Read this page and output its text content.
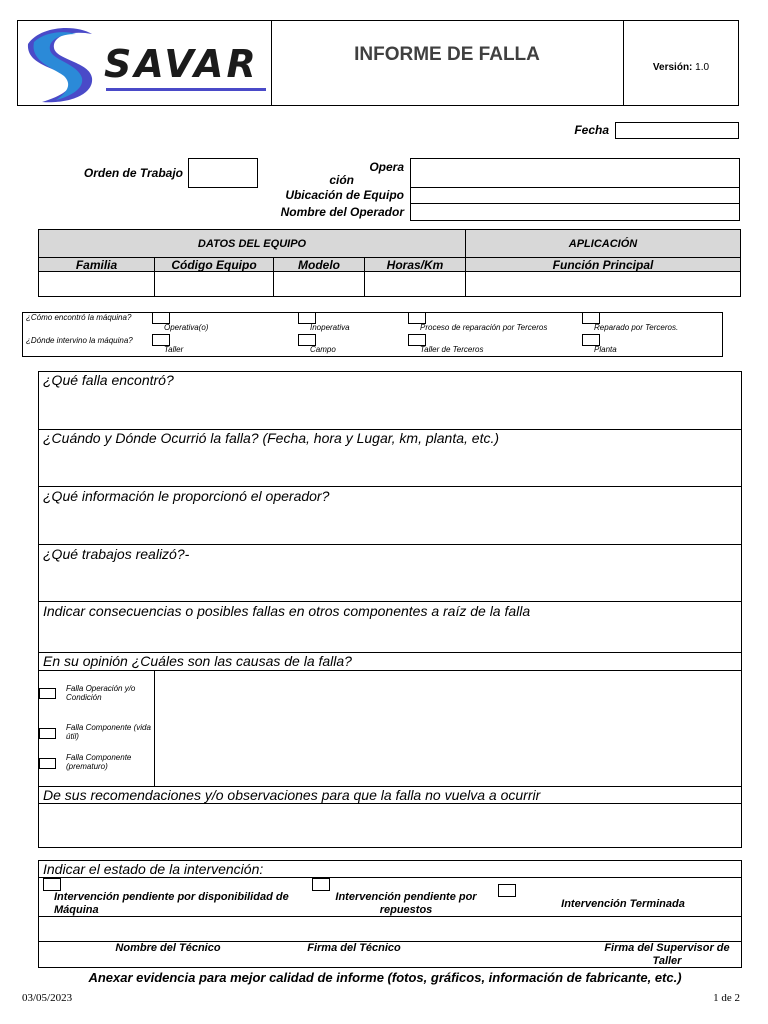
SAVAR	INFORME DE FALLA
Versión: 1.0
Fecha
Orden de Trabajo	Opera
ción
Ubicación de Equipo
Nombre del Operador
DATOS DEL EQUIPO	APLICACIÓN
Familia	Código Equipo	Modelo	Horas/Km	Función Principal
¿Cómo encontró la máquina?
¿Dónde intervino la máquina?
Operativa(o)	Inoperativa	Proceso de reparación por Terceros	Reparado por Terceros.
Taller	Campo	Taller de Terceros	Planta
¿Qué falla encontró?
¿Cuándo y Dónde Ocurrió la falla? (Fecha, hora y Lugar, km, planta, etc.)
¿Qué información le proporcionó el operador?
¿Qué trabajos realizó?-
Indicar consecuencias o posibles fallas en otros componentes a raíz de la falla
En su opinión ¿Cuáles son las causas de la falla?
Falla Operación y/o Condición
Falla Componente (vida útil)
Falla Componente (prematuro)
De sus recomendaciones y/o observaciones para que la falla no vuelva a ocurrir
Indicar el estado de la intervención:
Intervención pendiente por disponibilidad de Máquina
Intervención pendiente por repuestos	Intervención Terminada
Nombre del Técnico	Firma del Técnico	Firma del Supervisor de Taller
Anexar evidencia para mejor calidad de informe (fotos, gráficos, información de fabricante, etc.)
03/05/2023	1 de 2
